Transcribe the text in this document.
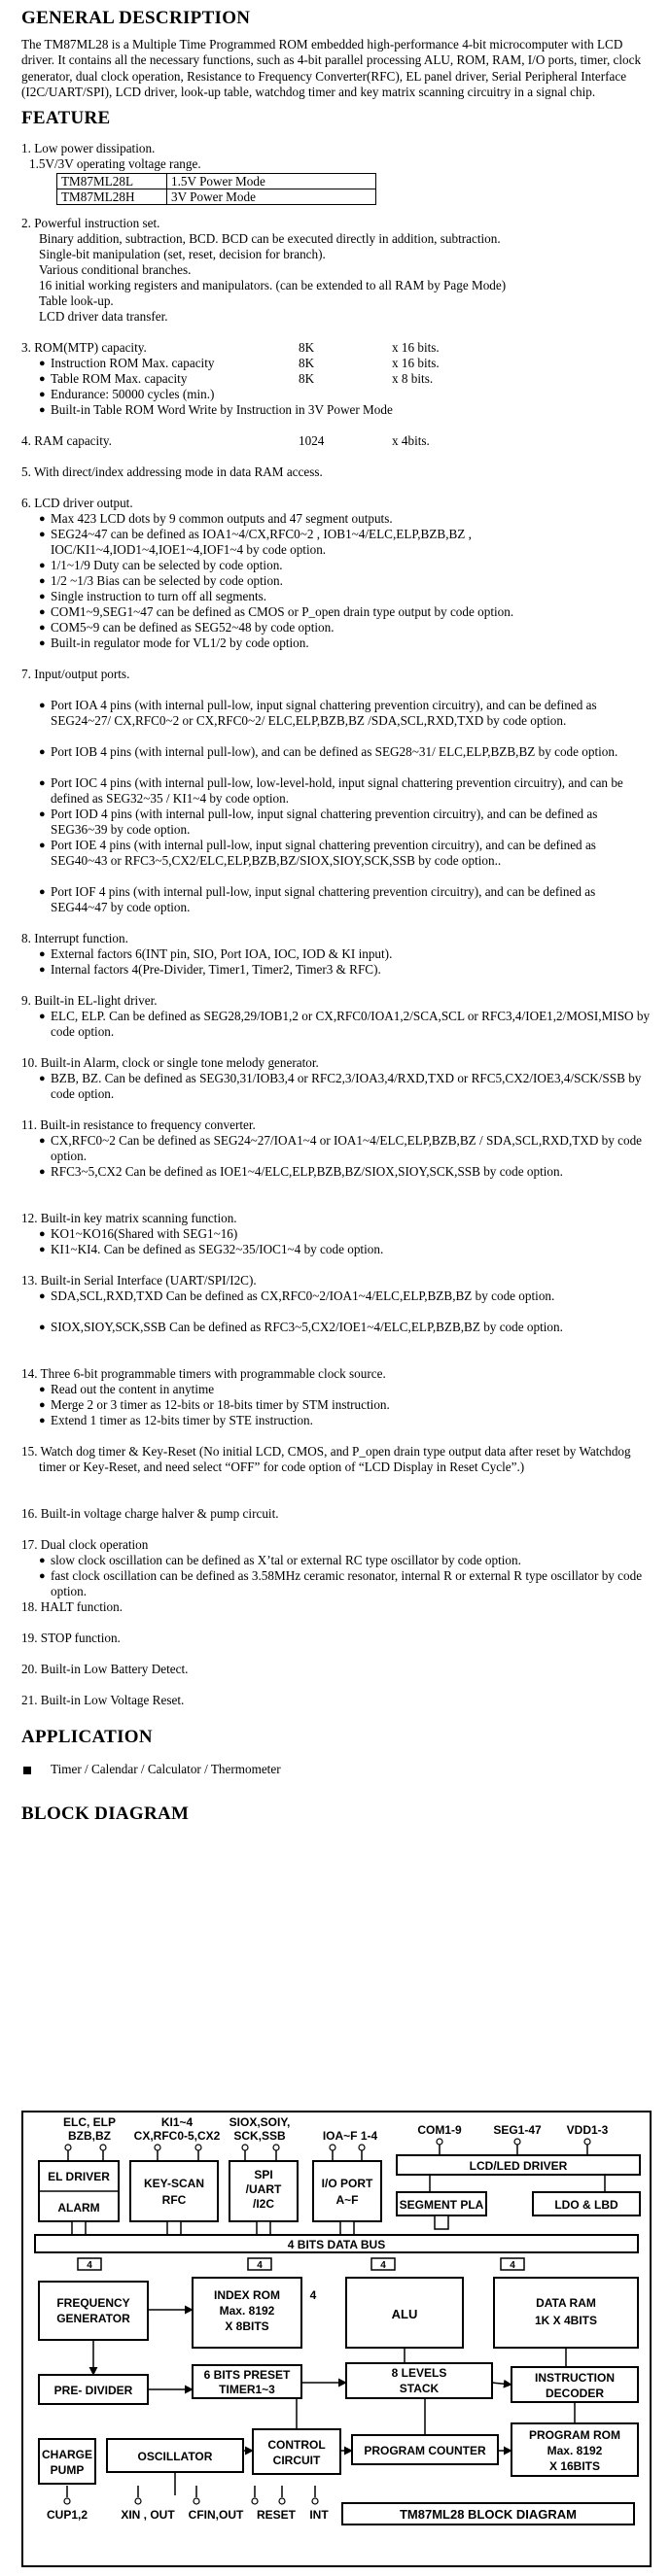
GENERAL DESCRIPTION

The TM87ML28 is a Multiple Time Programmed ROM embedded high-performance 4-bit microcomputer with LCD driver. It contains all the necessary functions, such as 4-bit parallel processing ALU, ROM, RAM, I/O ports, timer, clock generator, dual clock operation, Resistance to Frequency Converter(RFC), EL panel driver, Serial Peripheral Interface (I2C/UART/SPI), LCD driver, look-up table, watchdog timer and key matrix scanning circuitry in a signal chip.

FEATURE
1. Low power dissipation.
1.5V/3V operating voltage range.
TM87ML28L	1.5V Power Mode
TM87ML28H	3V Power Mode
2. Powerful instruction set.
Binary addition, subtraction, BCD. BCD can be executed directly in addition, subtraction.
Single-bit manipulation (set, reset, decision for branch).
Various conditional branches.
16 initial working registers and manipulators. (can be extended to all RAM by Page Mode)
Table look-up.
LCD driver data transfer.
3. ROM(MTP) capacity.	8K	x 16 bits.
● Instruction ROM Max. capacity	8K	x 16 bits.
● Table ROM Max. capacity	8K	x 8 bits.
● Endurance: 50000 cycles (min.)
● Built-in Table ROM Word Write by Instruction in 3V Power Mode
4. RAM capacity.	1024	x 4bits.
5. With direct/index addressing mode in data RAM access.
6. LCD driver output.
● Max 423 LCD dots by 9 common outputs and 47 segment outputs.
● SEG24~47 can be defined as IOA1~4/CX,RFC0~2 , IOB1~4/ELC,ELP,BZB,BZ , IOC/KI1~4,IOD1~4,IOE1~4,IOF1~4 by code option.
● 1/1~1/9 Duty can be selected by code option.
● 1/2 ~1/3 Bias can be selected by code option.
● Single instruction to turn off all segments.
● COM1~9,SEG1~47 can be defined as CMOS or P_open drain type output by code option.
● COM5~9 can be defined as SEG52~48 by code option.
● Built-in regulator mode for VL1/2 by code option.
7. Input/output ports.
● Port IOA 4 pins (with internal pull-low, input signal chattering prevention circuitry), and can be defined as SEG24~27/ CX,RFC0~2 or CX,RFC0~2/ ELC,ELP,BZB,BZ /SDA,SCL,RXD,TXD by code option.
● Port IOB 4 pins (with internal pull-low), and can be defined as SEG28~31/ ELC,ELP,BZB,BZ by code option.
● Port IOC 4 pins (with internal pull-low, low-level-hold, input signal chattering prevention circuitry), and can be defined as SEG32~35 / KI1~4 by code option.
● Port IOD 4 pins (with internal pull-low, input signal chattering prevention circuitry), and can be defined as SEG36~39 by code option.
● Port IOE 4 pins (with internal pull-low, input signal chattering prevention circuitry), and can be defined as SEG40~43 or RFC3~5,CX2/ELC,ELP,BZB,BZ/SIOX,SIOY,SCK,SSB by code option..
● Port IOF 4 pins (with internal pull-low, input signal chattering prevention circuitry), and can be defined as SEG44~47 by code option.
8. Interrupt function.
● External factors 6(INT pin, SIO, Port IOA, IOC, IOD & KI input).
● Internal factors 4(Pre-Divider, Timer1, Timer2, Timer3 & RFC).
9. Built-in EL-light driver.
● ELC, ELP. Can be defined as SEG28,29/IOB1,2 or CX,RFC0/IOA1,2/SCA,SCL or RFC3,4/IOE1,2/MOSI,MISO by code option.
10. Built-in Alarm, clock or single tone melody generator.
● BZB, BZ. Can be defined as SEG30,31/IOB3,4 or RFC2,3/IOA3,4/RXD,TXD or RFC5,CX2/IOE3,4/SCK/SSB by code option.
11. Built-in resistance to frequency converter.
● CX,RFC0~2 Can be defined as SEG24~27/IOA1~4 or IOA1~4/ELC,ELP,BZB,BZ / SDA,SCL,RXD,TXD by code option.
● RFC3~5,CX2 Can be defined as IOE1~4/ELC,ELP,BZB,BZ/SIOX,SIOY,SCK,SSB by code option.
12. Built-in key matrix scanning function.
● KO1~KO16(Shared with SEG1~16)
● KI1~KI4. Can be defined as SEG32~35/IOC1~4 by code option.
13. Built-in Serial Interface (UART/SPI/I2C).
● SDA,SCL,RXD,TXD Can be defined as CX,RFC0~2/IOA1~4/ELC,ELP,BZB,BZ by code option.
● SIOX,SIOY,SCK,SSB Can be defined as RFC3~5,CX2/IOE1~4/ELC,ELP,BZB,BZ by code option.
14. Three 6-bit programmable timers with programmable clock source.
● Read out the content in anytime
● Merge 2 or 3 timer as 12-bits or 18-bits timer by STM instruction.
● Extend 1 timer as 12-bits timer by STE instruction.
15. Watch dog timer & Key-Reset (No initial LCD, CMOS, and P_open drain type output data after reset by Watchdog timer or Key-Reset, and need select “OFF” for code option of “LCD Display in Reset Cycle”.)
16. Built-in voltage charge halver & pump circuit.
17. Dual clock operation
● slow clock oscillation can be defined as X’tal or external RC type oscillator by code option.
● fast clock oscillation can be defined as 3.58MHz ceramic resonator, internal R or external R type oscillator by code option.
18. HALT function.
19. STOP function.
20. Built-in Low Battery Detect.
21. Built-in Low Voltage Reset.
APPLICATION
Timer / Calendar / Calculator / Thermometer
BLOCK DIAGRAM
ELC, ELP
BZB,BZ
KI1~4
CX,RFC0-5,CX2
SIOX,SOIY,
SCK,SSB	IOA~F 1-4	COM1-9	SEG1-47 VDD1-3
EL DRIVER
ALARM
KEY-SCAN
RFC
SPI
/UART
/I2C
I/O PORT
A~F
LCD/LED DRIVER
SEGMENT PLA	LDO & LBD
4 BITS DATA BUS
4	4	4	4
FREQUENCY
GENERATOR
INDEX ROM
Max. 8192
X 8BITS
4
ALU
DATA RAM
1K X 4BITS
PRE- DIVIDER
6 BITS PRESET
TIMER1~3
8 LEVELS
STACK
INSTRUCTION
DECODER
CHARGE
PUMP
OSCILLATOR
CONTROL
CIRCUIT
PROGRAM COUNTER
PROGRAM ROM
Max. 8192
X 16BITS
CUP1,2	XIN , OUT CFIN,OUT RESET INT	TM87ML28 BLOCK DIAGRAM
